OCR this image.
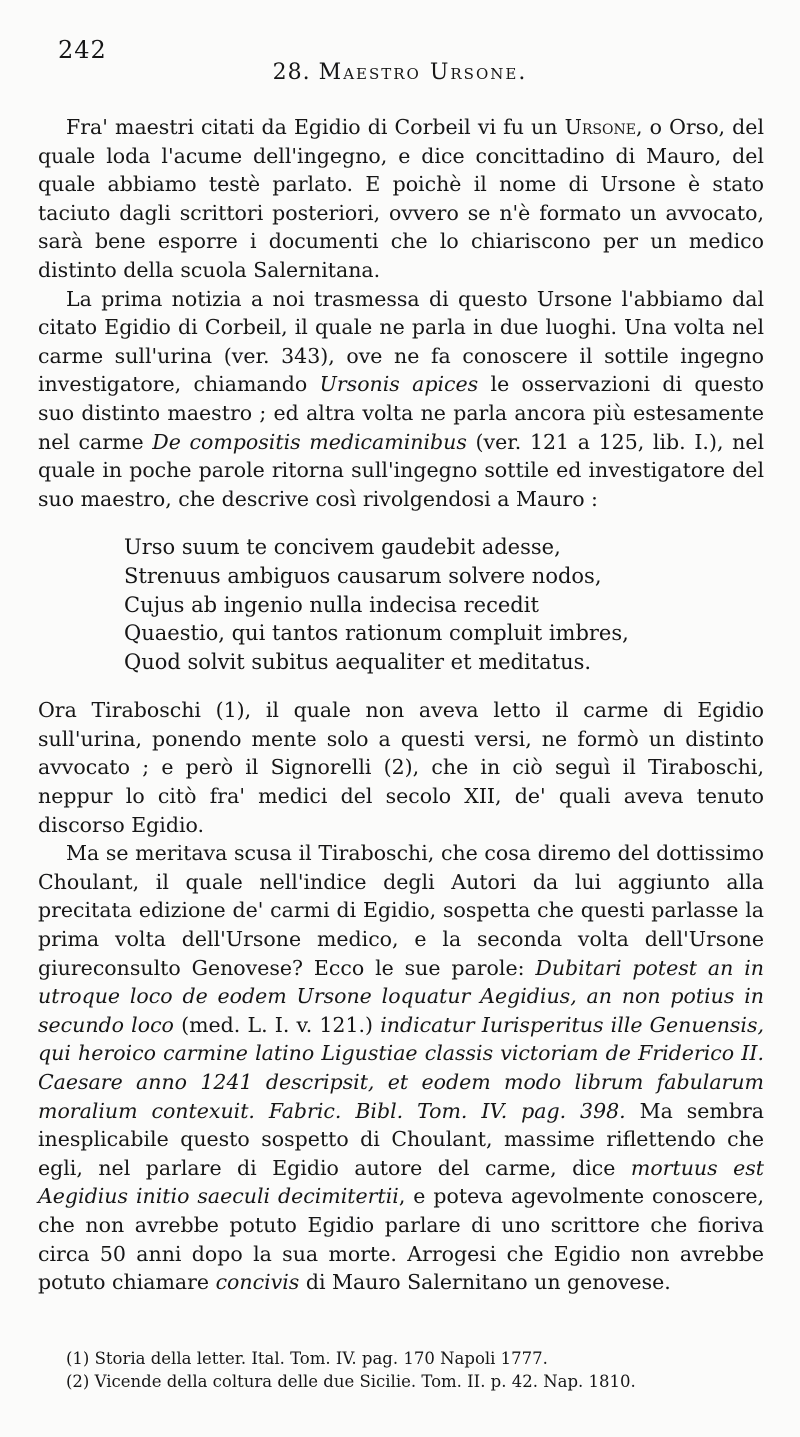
242
28. Maestro Ursone.

Fra' maestri citati da Egidio di Corbeil vi fu un Ursone, o Orso, del quale loda l'acume dell'ingegno, e dice concittadino di Mauro, del quale abbiamo testè parlato. E poichè il nome di Ursone è stato taciuto dagli scrittori posteriori, ovvero se n'è formato un avvocato, sarà bene esporre i documenti che lo chiariscono per un medico distinto della scuola Salernitana.

La prima notizia a noi trasmessa di questo Ursone l'abbiamo dal citato Egidio di Corbeil, il quale ne parla in due luoghi. Una volta nel carme sull'urina (ver. 343), ove ne fa conoscere il sottile ingegno investigatore, chiamando Ursonis apices le osservazioni di questo suo distinto maestro ; ed altra volta ne parla ancora più estesamente nel carme De compositis medicaminibus (ver. 121 a 125, lib. I.), nel quale in poche parole ritorna sull'ingegno sottile ed investigatore del suo maestro, che descrive così rivolgendosi a Mauro :

Urso suum te concivem gaudebit adesse,
Strenuus ambiguos causarum solvere nodos,
Cujus ab ingenio nulla indecisa recedit
Quaestio, qui tantos rationum compluit imbres,
Quod solvit subitus aequaliter et meditatus.

Ora Tiraboschi (1), il quale non aveva letto il carme di Egidio sull'urina, ponendo mente solo a questi versi, ne formò un distinto avvocato ; e però il Signorelli (2), che in ciò seguì il Tiraboschi, neppur lo citò fra' medici del secolo XII, de' quali aveva tenuto discorso Egidio.

Ma se meritava scusa il Tiraboschi, che cosa diremo del dottissimo Choulant, il quale nell'indice degli Autori da lui aggiunto alla precitata edizione de' carmi di Egidio, sospetta che questi parlasse la prima volta dell'Ursone medico, e la seconda volta dell'Ursone giureconsulto Genovese? Ecco le sue parole: Dubitari potest an in utroque loco de eodem Ursone loquatur Aegidius, an non potius in secundo loco (med. L. I. v. 121.) indicatur Iurisperitus ille Genuensis, qui heroico carmine latino Ligustiae classis victoriam de Friderico II. Caesare anno 1241 descripsit, et eodem modo librum fabularum moralium contexuit. Fabric. Bibl. Tom. IV. pag. 398. Ma sembra inesplicabile questo sospetto di Choulant, massime riflettendo che egli, nel parlare di Egidio autore del carme, dice mortuus est Aegidius initio saeculi decimitertii, e poteva agevolmente conoscere, che non avrebbe potuto Egidio parlare di uno scrittore che fioriva circa 50 anni dopo la sua morte. Arrogesi che Egidio non avrebbe potuto chiamare concivis di Mauro Salernitano un genovese.

(1) Storia della letter. Ital. Tom. IV. pag. 170 Napoli 1777.
(2) Vicende della coltura delle due Sicilie. Tom. II. p. 42. Nap. 1810.
